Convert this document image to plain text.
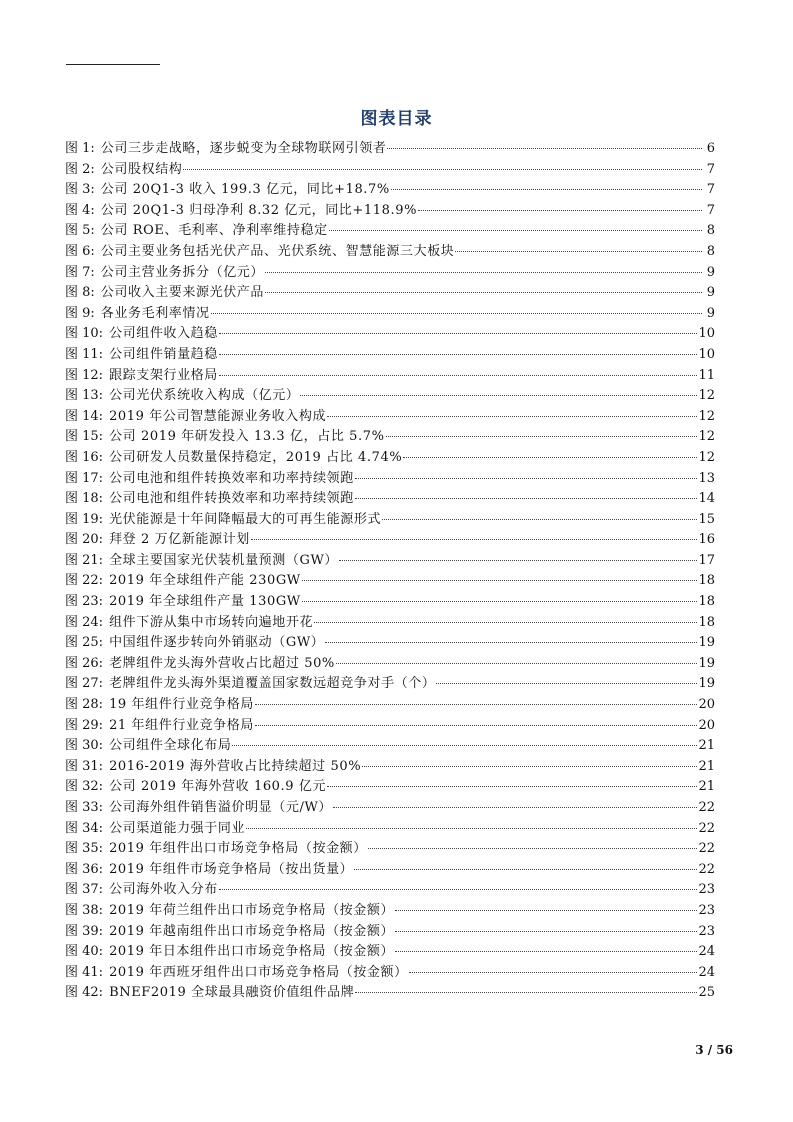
图表目录
图 1: 公司三步走战略，逐步蜕变为全球物联网引领者	6
图 2: 公司股权结构	7
图 3: 公司 20Q1-3 收入 199.3 亿元，同比+18.7%	7
图 4: 公司 20Q1-3 归母净利 8.32 亿元，同比+118.9%	7
图 5: 公司 ROE、毛利率、净利率维持稳定	8
图 6: 公司主要业务包括光伏产品、光伏系统、智慧能源三大板块	8
图 7: 公司主营业务拆分（亿元）	9
图 8: 公司收入主要来源光伏产品	9
图 9: 各业务毛利率情况	9
图 10: 公司组件收入趋稳	10
图 11: 公司组件销量趋稳	10
图 12: 跟踪支架行业格局	11
图 13: 公司光伏系统收入构成（亿元）	12
图 14: 2019 年公司智慧能源业务收入构成	12
图 15: 公司 2019 年研发投入 13.3 亿，占比 5.7%	12
图 16: 公司研发人员数量保持稳定，2019 占比 4.74%	12
图 17: 公司电池和组件转换效率和功率持续领跑	13
图 18: 公司电池和组件转换效率和功率持续领跑	14
图 19: 光伏能源是十年间降幅最大的可再生能源形式	15
图 20: 拜登 2 万亿新能源计划	16
图 21: 全球主要国家光伏装机量预测（GW）	17
图 22: 2019 年全球组件产能 230GW	18
图 23: 2019 年全球组件产量 130GW	18
图 24: 组件下游从集中市场转向遍地开花	18
图 25: 中国组件逐步转向外销驱动（GW）	19
图 26: 老牌组件龙头海外营收占比超过 50%	19
图 27: 老牌组件龙头海外渠道覆盖国家数远超竞争对手（个）	19
图 28: 19 年组件行业竞争格局	20
图 29: 21 年组件行业竞争格局	20
图 30: 公司组件全球化布局	21
图 31: 2016-2019 海外营收占比持续超过 50%	21
图 32: 公司 2019 年海外营收 160.9 亿元	21
图 33: 公司海外组件销售溢价明显（元/W）	22
图 34: 公司渠道能力强于同业	22
图 35: 2019 年组件出口市场竞争格局（按金额）	22
图 36: 2019 年组件市场竞争格局（按出货量）	22
图 37: 公司海外收入分布	23
图 38: 2019 年荷兰组件出口市场竞争格局（按金额）	23
图 39: 2019 年越南组件出口市场竞争格局（按金额）	23
图 40: 2019 年日本组件出口市场竞争格局（按金额）	24
图 41: 2019 年西班牙组件出口市场竞争格局（按金额）	24
图 42: BNEF2019 全球最具融资价值组件品牌	25
3 / 56
